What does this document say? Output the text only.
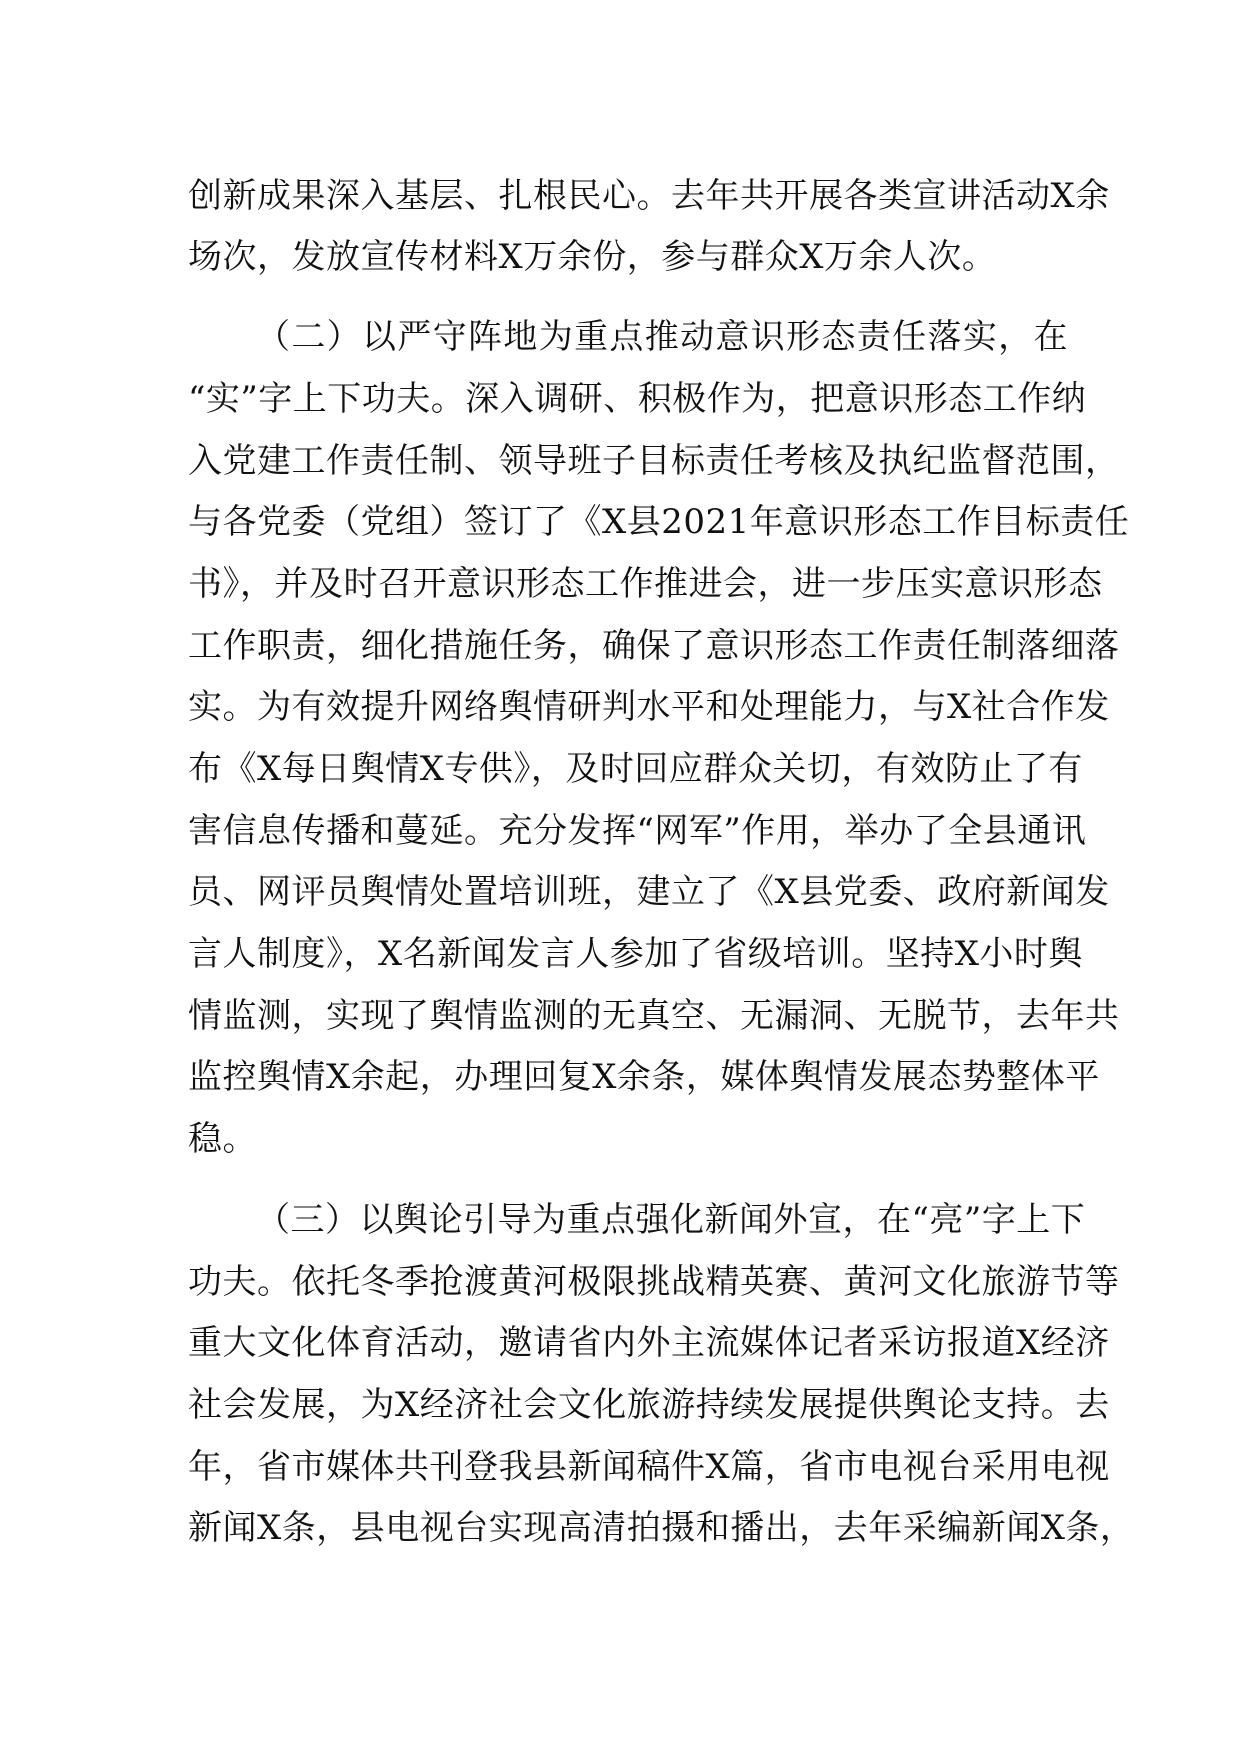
创新成果深入基层、扎根民心。去年共开展各类宣讲活动X余
场次，发放宣传材料X万余份，参与群众X万余人次。
（二）以严守阵地为重点推动意识形态责任落实，在
“实”字上下功夫。深入调研、积极作为，把意识形态工作纳
入党建工作责任制、领导班子目标责任考核及执纪监督范围，
与各党委（党组）签订了《X县2021年意识形态工作目标责任
书》，并及时召开意识形态工作推进会，进一步压实意识形态
工作职责，细化措施任务，确保了意识形态工作责任制落细落
实。为有效提升网络舆情研判水平和处理能力，与X社合作发
布《X每日舆情X专供》，及时回应群众关切，有效防止了有
害信息传播和蔓延。充分发挥“网军”作用，举办了全县通讯
员、网评员舆情处置培训班，建立了《X县党委、政府新闻发
言人制度》，X名新闻发言人参加了省级培训。坚持X小时舆
情监测，实现了舆情监测的无真空、无漏洞、无脱节，去年共
监控舆情X余起，办理回复X余条，媒体舆情发展态势整体平
稳。
（三）以舆论引导为重点强化新闻外宣，在“亮”字上下
功夫。依托冬季抢渡黄河极限挑战精英赛、黄河文化旅游节等
重大文化体育活动，邀请省内外主流媒体记者采访报道X经济
社会发展，为X经济社会文化旅游持续发展提供舆论支持。去
年，省市媒体共刊登我县新闻稿件X篇，省市电视台采用电视
新闻X条，县电视台实现高清拍摄和播出，去年采编新闻X条，
